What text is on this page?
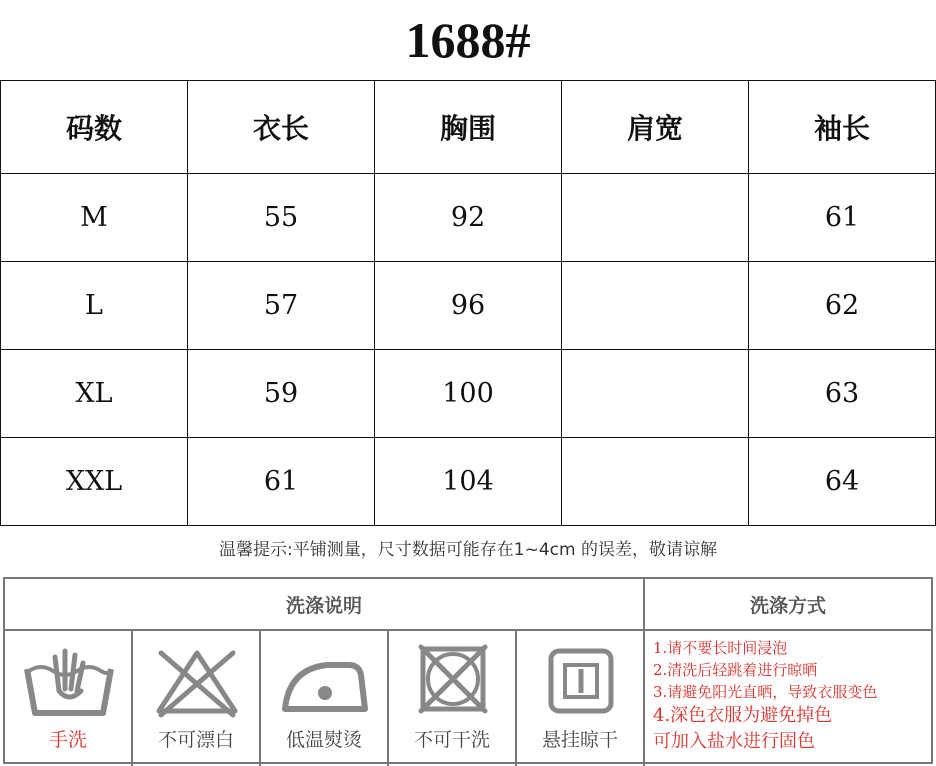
1688#
码数	衣长	胸围	肩宽	袖长
M	55	92		61
L	57	96		62
XL	59	100		63
XXL	61	104		64
温馨提示:平铺测量，尺寸数据可能存在1~4cm 的误差，敬请谅解
洗涤说明	洗涤方式
手洗	不可漂白	低温熨烫	不可干洗	悬挂晾干
1.请不要长时间浸泡
2.清洗后轻跳着进行晾晒
3.请避免阳光直晒，导致衣服变色
4.深色衣服为避免掉色
可加入盐水进行固色
